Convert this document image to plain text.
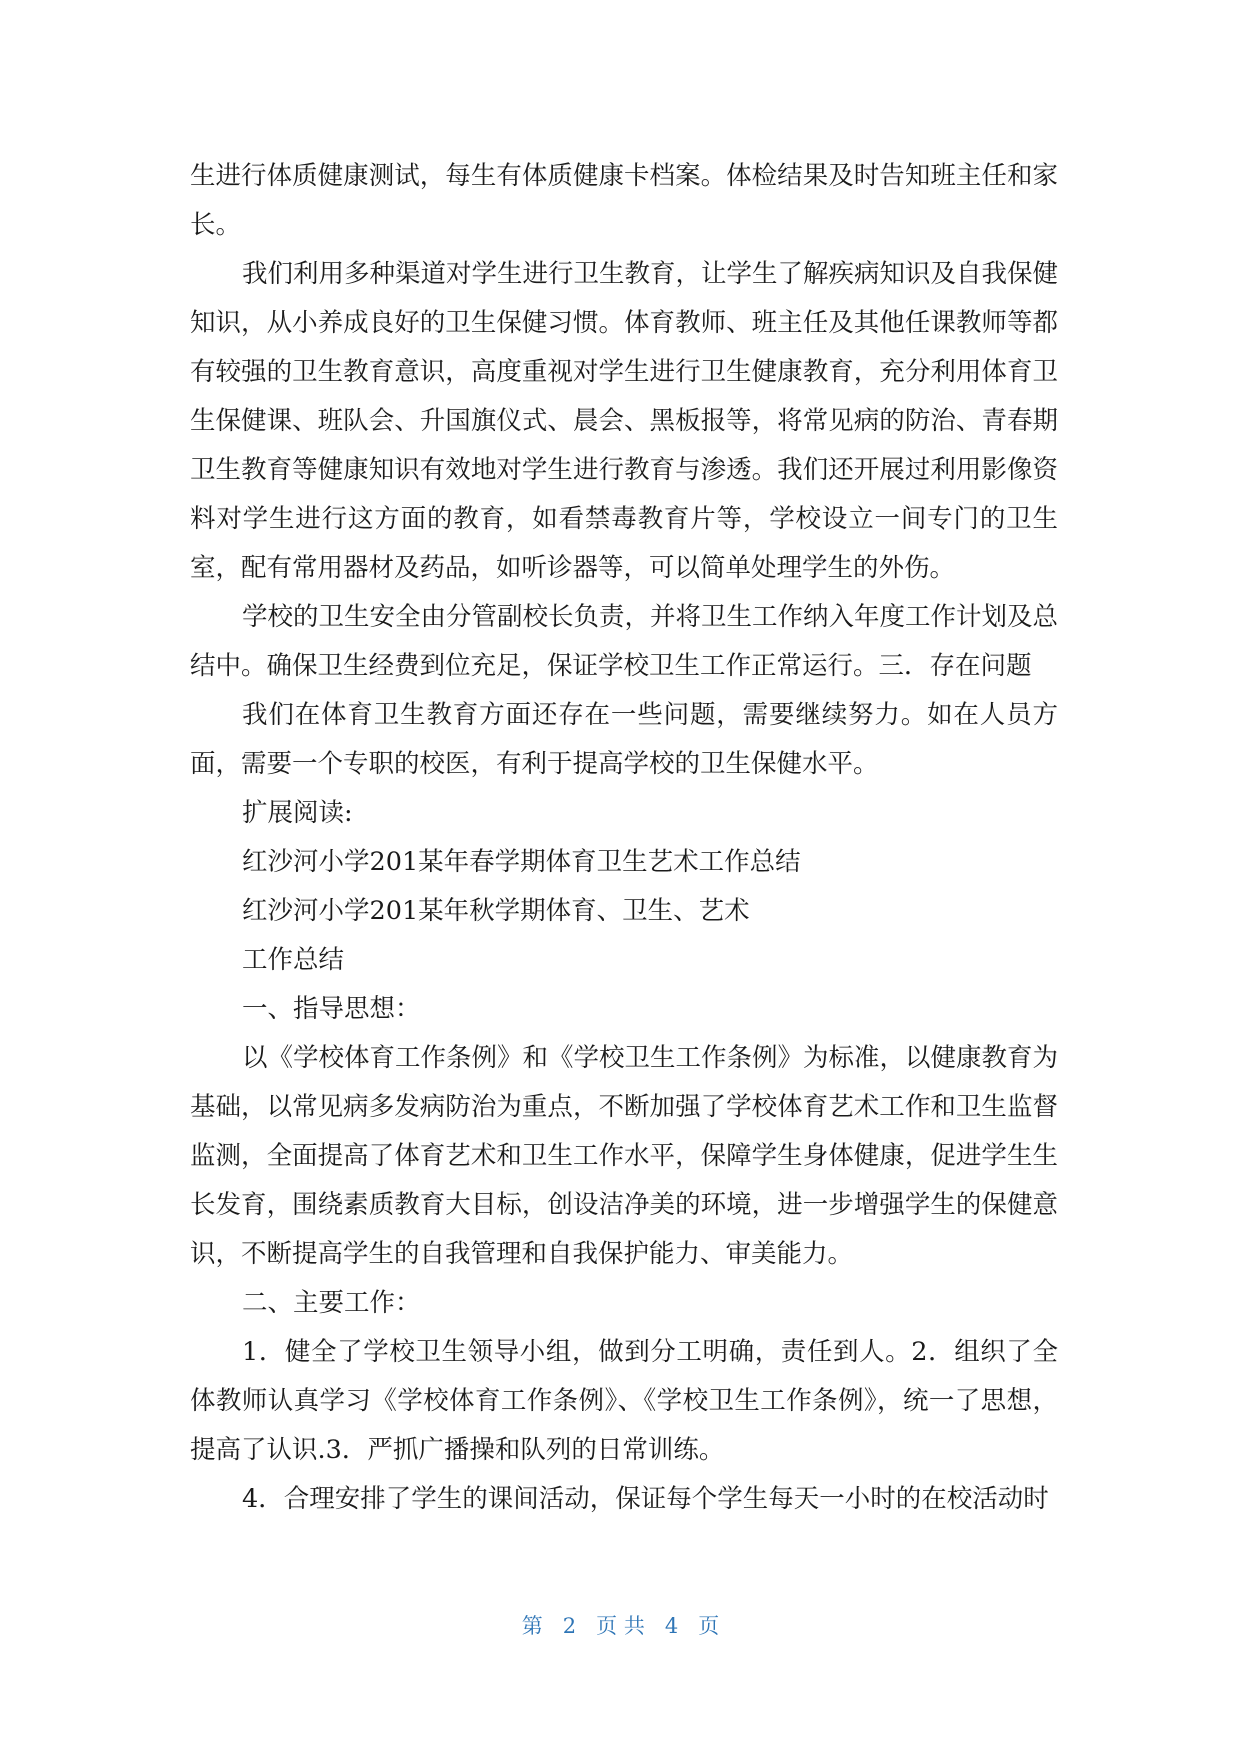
生进行体质健康测试，每生有体质健康卡档案。体检结果及时告知班主任和家长。

我们利用多种渠道对学生进行卫生教育，让学生了解疾病知识及自我保健知识，从小养成良好的卫生保健习惯。体育教师、班主任及其他任课教师等都有较强的卫生教育意识，高度重视对学生进行卫生健康教育，充分利用体育卫生保健课、班队会、升国旗仪式、晨会、黑板报等，将常见病的防治、青春期卫生教育等健康知识有效地对学生进行教育与渗透。我们还开展过利用影像资料对学生进行这方面的教育，如看禁毒教育片等，学校设立一间专门的卫生室，配有常用器材及药品，如听诊器等，可以简单处理学生的外伤。

学校的卫生安全由分管副校长负责，并将卫生工作纳入年度工作计划及总结中。确保卫生经费到位充足，保证学校卫生工作正常运行。三．存在问题

我们在体育卫生教育方面还存在一些问题，需要继续努力。如在人员方面，需要一个专职的校医，有利于提高学校的卫生保健水平。

扩展阅读:

红沙河小学201某年春学期体育卫生艺术工作总结

红沙河小学201某年秋学期体育、卫生、艺术

工作总结

一、指导思想：

以《学校体育工作条例》和《学校卫生工作条例》为标准，以健康教育为基础，以常见病多发病防治为重点，不断加强了学校体育艺术工作和卫生监督监测，全面提高了体育艺术和卫生工作水平，保障学生身体健康，促进学生生长发育，围绕素质教育大目标，创设洁净美的环境，进一步增强学生的保健意识，不断提高学生的自我管理和自我保护能力、审美能力。

二、主要工作：

1．健全了学校卫生领导小组，做到分工明确，责任到人。2．组织了全体教师认真学习《学校体育工作条例》、《学校卫生工作条例》，统一了思想，提高了认识.3．严抓广播操和队列的日常训练。

4．合理安排了学生的课间活动，保证每个学生每天一小时的在校活动时

第 2 页 共 4 页
